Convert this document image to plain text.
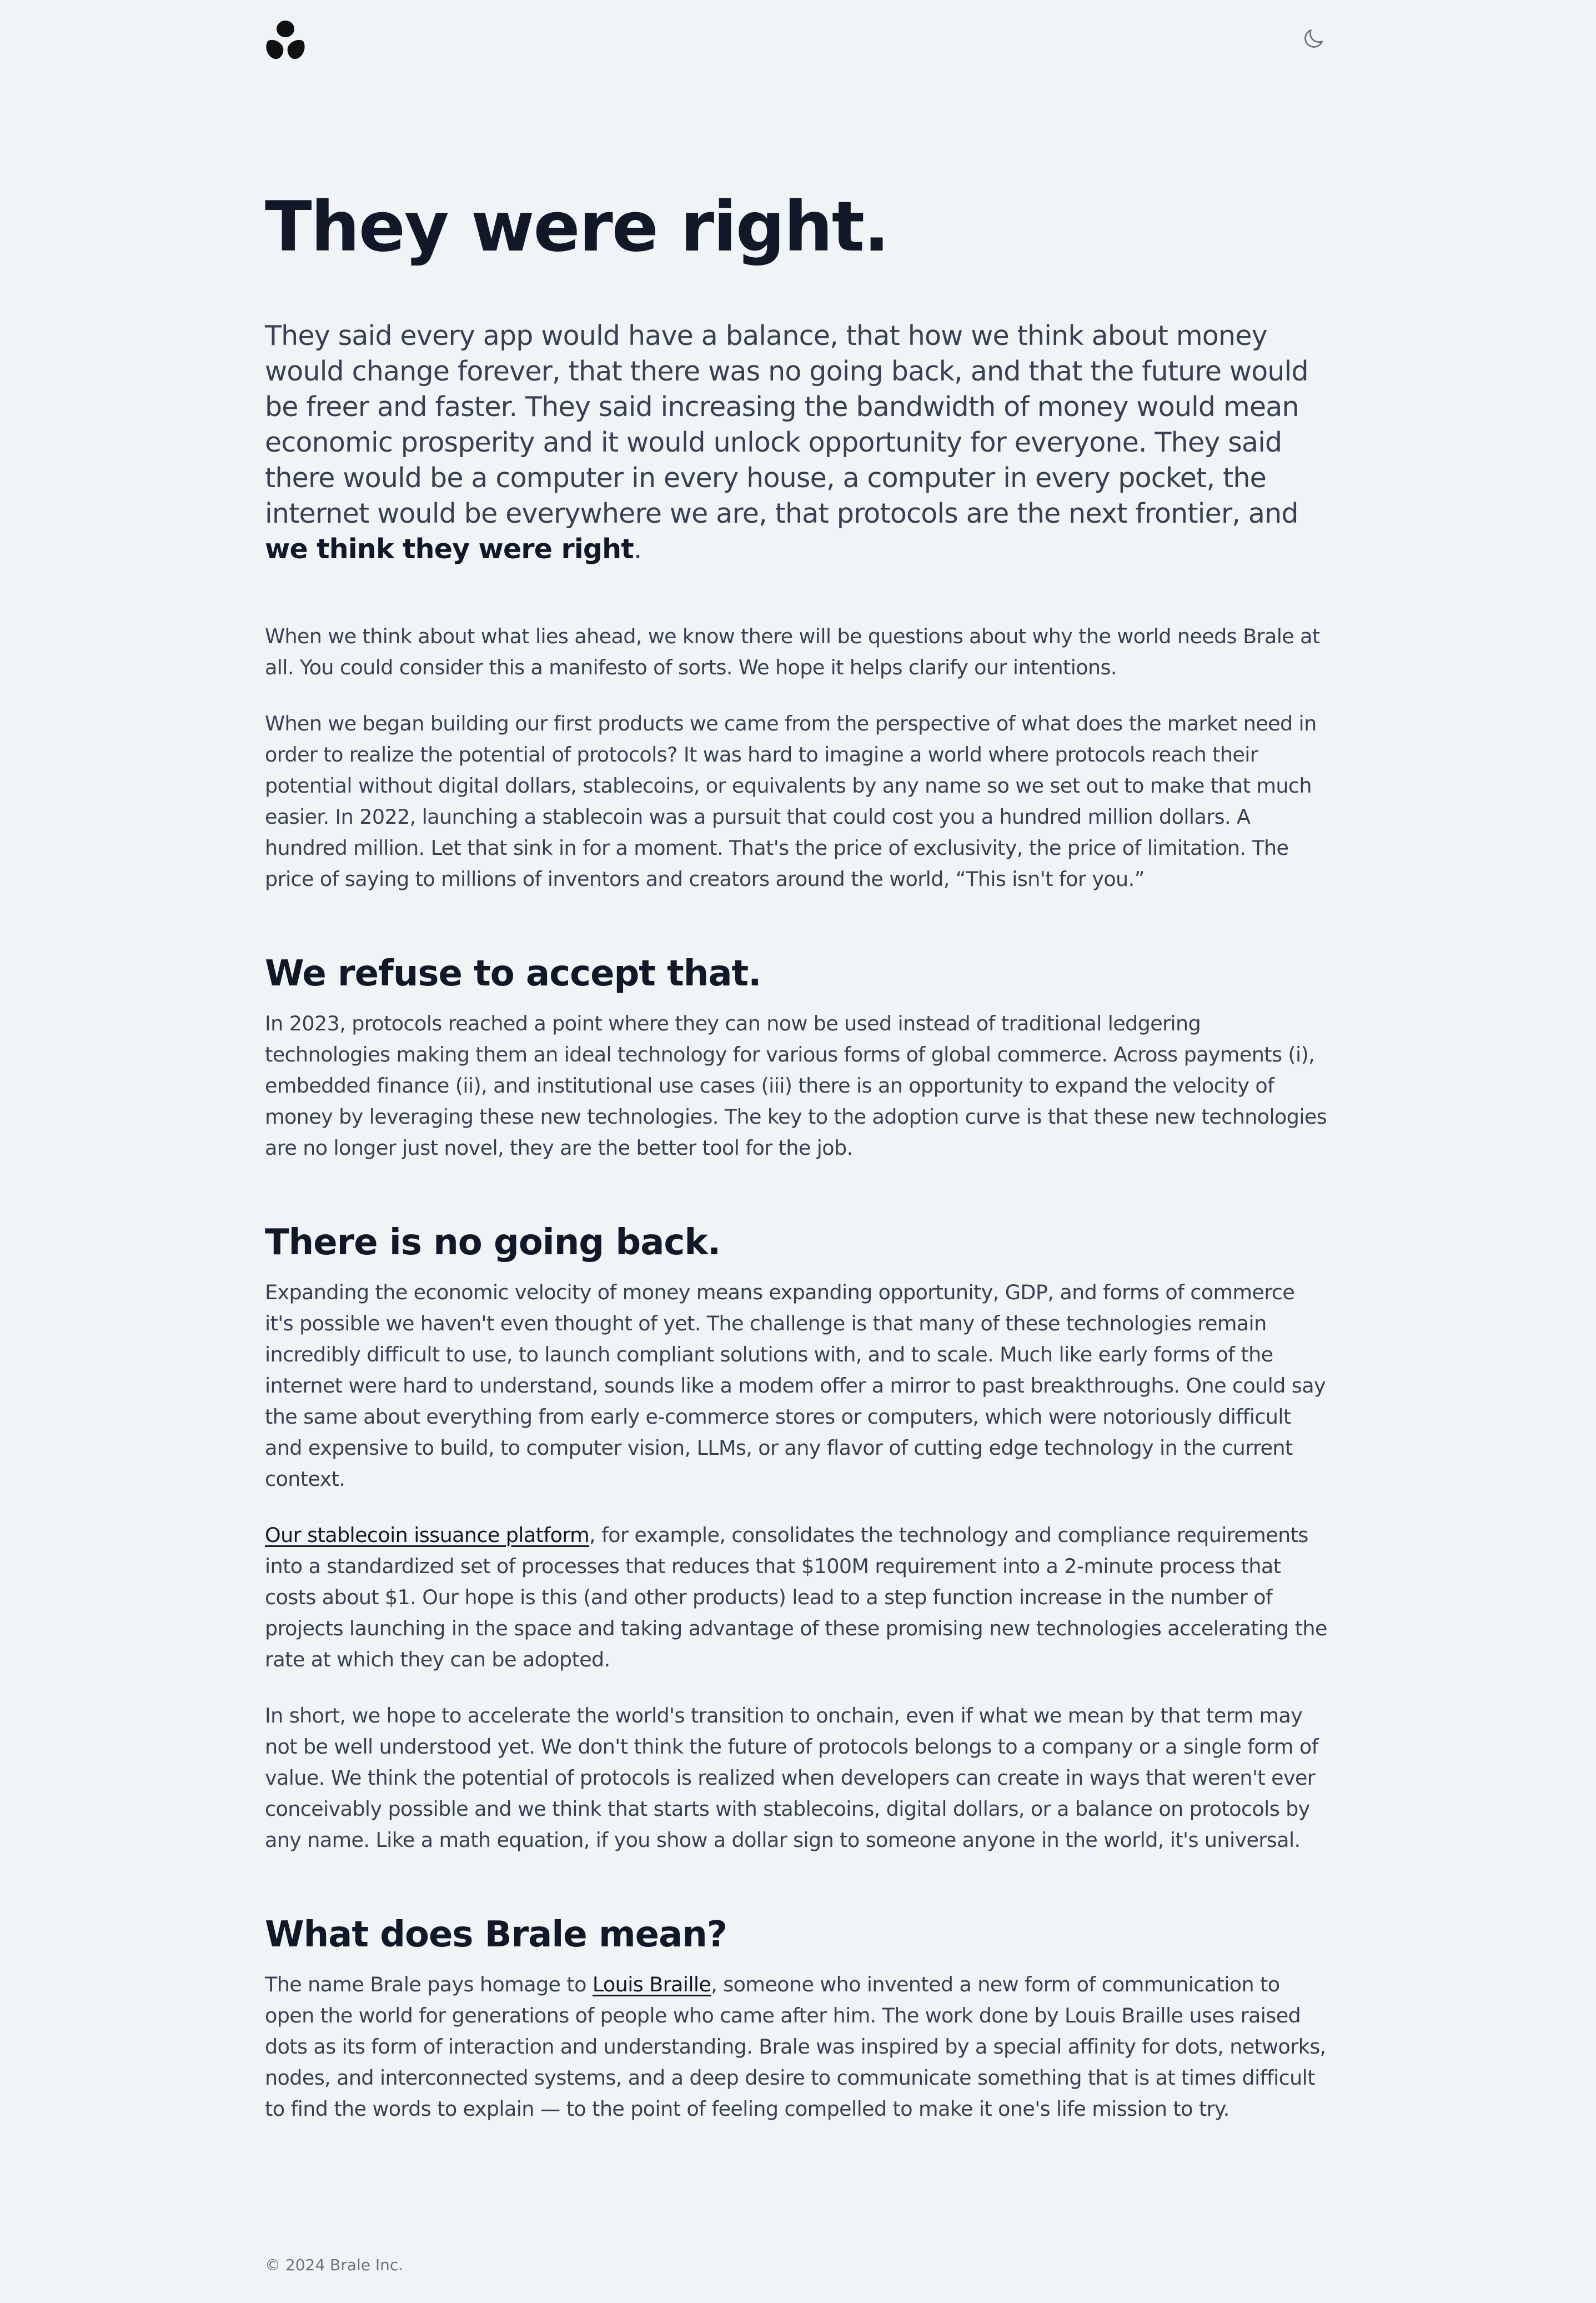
They were right.

They said every app would have a balance, that how we think about money would change forever, that there was no going back, and that the future would be freer and faster. They said increasing the bandwidth of money would mean economic prosperity and it would unlock opportunity for everyone. They said there would be a computer in every house, a computer in every pocket, the internet would be everywhere we are, that protocols are the next frontier, and we think they were right.

When we think about what lies ahead, we know there will be questions about why the world needs Brale at all. You could consider this a manifesto of sorts. We hope it helps clarify our intentions.

When we began building our first products we came from the perspective of what does the market need in order to realize the potential of protocols? It was hard to imagine a world where protocols reach their potential without digital dollars, stablecoins, or equivalents by any name so we set out to make that much easier. In 2022, launching a stablecoin was a pursuit that could cost you a hundred million dollars. A hundred million. Let that sink in for a moment. That's the price of exclusivity, the price of limitation. The price of saying to millions of inventors and creators around the world, “This isn't for you.”

We refuse to accept that.

In 2023, protocols reached a point where they can now be used instead of traditional ledgering technologies making them an ideal technology for various forms of global commerce. Across payments (i), embedded finance (ii), and institutional use cases (iii) there is an opportunity to expand the velocity of money by leveraging these new technologies. The key to the adoption curve is that these new technologies are no longer just novel, they are the better tool for the job.

There is no going back.

Expanding the economic velocity of money means expanding opportunity, GDP, and forms of commerce it's possible we haven't even thought of yet. The challenge is that many of these technologies remain incredibly difficult to use, to launch compliant solutions with, and to scale. Much like early forms of the internet were hard to understand, sounds like a modem offer a mirror to past breakthroughs. One could say the same about everything from early e-commerce stores or computers, which were notoriously difficult and expensive to build, to computer vision, LLMs, or any flavor of cutting edge technology in the current context.

Our stablecoin issuance platform, for example, consolidates the technology and compliance requirements into a standardized set of processes that reduces that $100M requirement into a 2-minute process that costs about $1. Our hope is this (and other products) lead to a step function increase in the number of projects launching in the space and taking advantage of these promising new technologies accelerating the rate at which they can be adopted.

In short, we hope to accelerate the world's transition to onchain, even if what we mean by that term may not be well understood yet. We don't think the future of protocols belongs to a company or a single form of value. We think the potential of protocols is realized when developers can create in ways that weren't ever conceivably possible and we think that starts with stablecoins, digital dollars, or a balance on protocols by any name. Like a math equation, if you show a dollar sign to someone anyone in the world, it's universal.

What does Brale mean?

The name Brale pays homage to Louis Braille, someone who invented a new form of communication to open the world for generations of people who came after him. The work done by Louis Braille uses raised dots as its form of interaction and understanding. Brale was inspired by a special affinity for dots, networks, nodes, and interconnected systems, and a deep desire to communicate something that is at times difficult to find the words to explain — to the point of feeling compelled to make it one's life mission to try.

© 2024 Brale Inc.
